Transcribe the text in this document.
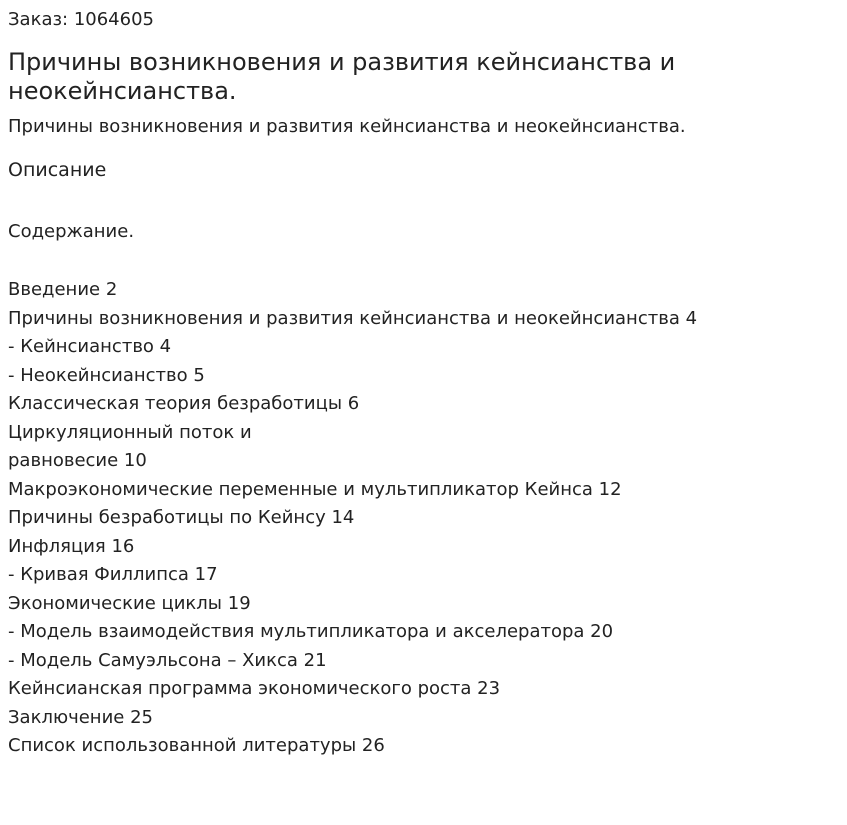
Заказ: 1064605
Причины возникновения и развития кейнсианства и неокейнсианства.
Причины возникновения и развития кейнсианства и неокейнсианства.
Описание
Содержание.
Введение 2
Причины возникновения и развития кейнсианства и неокейнсианства 4
- Кейнсианство 4
- Неокейнсианство 5
Классическая теория безработицы 6
Циркуляционный поток и
равновесие 10
Макроэкономические переменные и мультипликатор Кейнса 12
Причины безработицы по Кейнсу 14
Инфляция 16
- Кривая Филлипса 17
Экономические циклы 19
- Модель взаимодействия мультипликатора и акселератора 20
- Модель Самуэльсона – Хикса 21
Кейнсианская программа экономического роста 23
Заключение 25
Список использованной литературы 26
